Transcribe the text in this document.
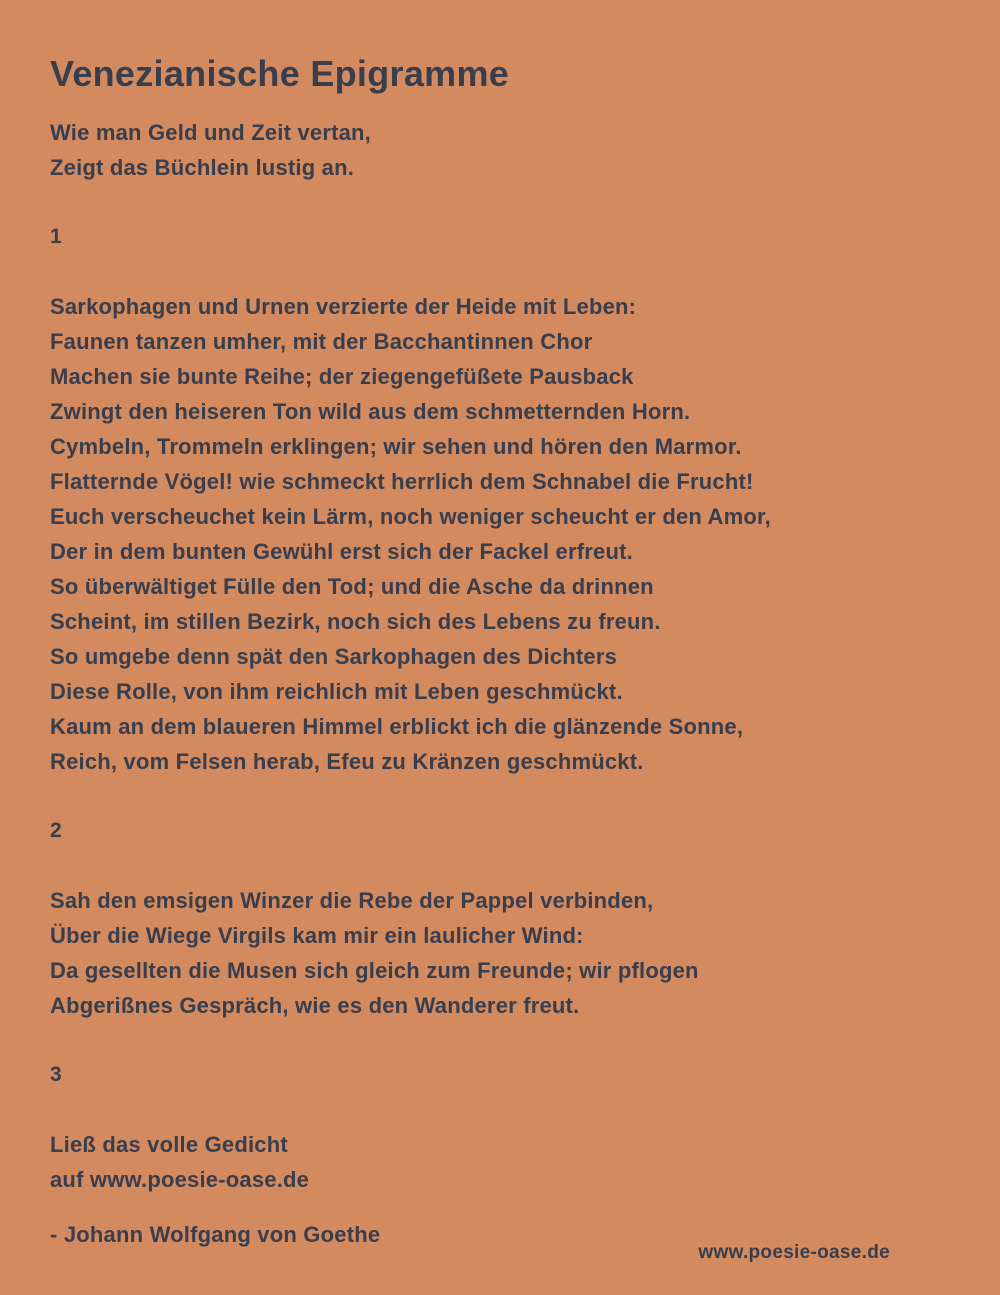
Venezianische Epigramme
Wie man Geld und Zeit vertan,
Zeigt das Büchlein lustig an.
1
Sarkophagen und Urnen verzierte der Heide mit Leben:
Faunen tanzen umher, mit der Bacchantinnen Chor
Machen sie bunte Reihe; der ziegengefüßete Pausback
Zwingt den heiseren Ton wild aus dem schmetternden Horn.
Cymbeln, Trommeln erklingen; wir sehen und hören den Marmor.
Flatternde Vögel! wie schmeckt herrlich dem Schnabel die Frucht!
Euch verscheuchet kein Lärm, noch weniger scheucht er den Amor,
Der in dem bunten Gewühl erst sich der Fackel erfreut.
So überwältiget Fülle den Tod; und die Asche da drinnen
Scheint, im stillen Bezirk, noch sich des Lebens zu freun.
So umgebe denn spät den Sarkophagen des Dichters
Diese Rolle, von ihm reichlich mit Leben geschmückt.
Kaum an dem blaueren Himmel erblickt ich die glänzende Sonne,
Reich, vom Felsen herab, Efeu zu Kränzen geschmückt.
2
Sah den emsigen Winzer die Rebe der Pappel verbinden,
Über die Wiege Virgils kam mir ein laulicher Wind:
Da gesellten die Musen sich gleich zum Freunde; wir pflogen
Abgerißnes Gespräch, wie es den Wanderer freut.
3
Ließ das volle Gedicht
auf www.poesie-oase.de
- Johann Wolfgang von Goethe
www.poesie-oase.de
